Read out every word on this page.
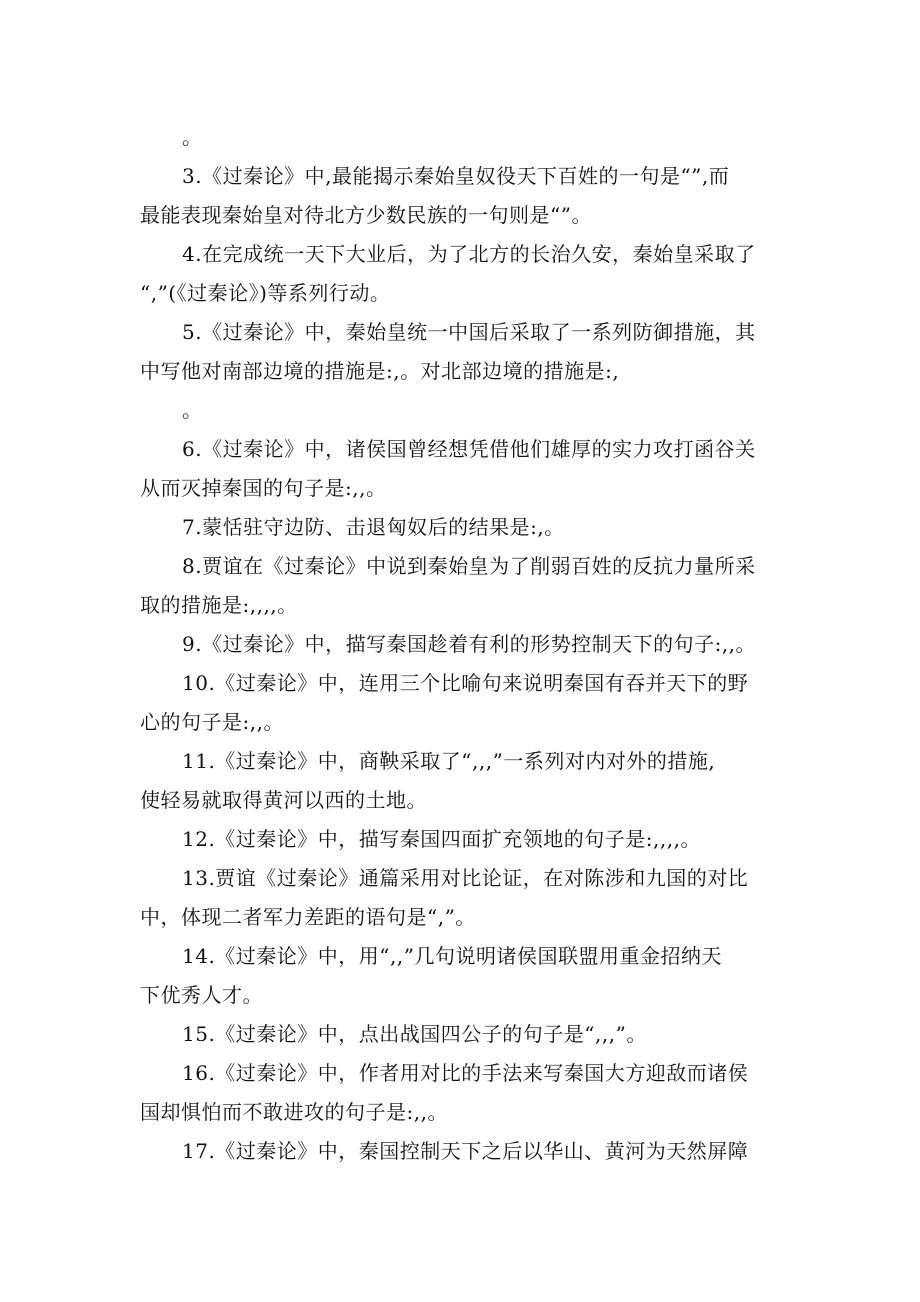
。
3.《过秦论》中,最能揭示秦始皇奴役天下百姓的一句是“”,而
最能表现秦始皇对待北方少数民族的一句则是“”。
4.在完成统一天下大业后，为了北方的长治久安，秦始皇采取了
“,”(《过秦论》)等系列行动。
5.《过秦论》中，秦始皇统一中国后采取了一系列防御措施，其
中写他对南部边境的措施是:,。对北部边境的措施是:,
。
6.《过秦论》中，诸侯国曾经想凭借他们雄厚的实力攻打函谷关
从而灭掉秦国的句子是:,,。
7.蒙恬驻守边防、击退匈奴后的结果是:,。
8.贾谊在《过秦论》中说到秦始皇为了削弱百姓的反抗力量所采
取的措施是:,,,,。
9.《过秦论》中，描写秦国趁着有利的形势控制天下的句子:,,。
10.《过秦论》中，连用三个比喻句来说明秦国有吞并天下的野
心的句子是:,,。
11.《过秦论》中，商鞅采取了“,,,”一系列对内对外的措施,
使轻易就取得黄河以西的土地。
12.《过秦论》中，描写秦国四面扩充领地的句子是:,,,,。
13.贾谊《过秦论》通篇采用对比论证，在对陈涉和九国的对比
中，体现二者军力差距的语句是“,”。
14.《过秦论》中，用“,,”几句说明诸侯国联盟用重金招纳天
下优秀人才。
15.《过秦论》中，点出战国四公子的句子是“,,,”。
16.《过秦论》中，作者用对比的手法来写秦国大方迎敌而诸侯
国却惧怕而不敢进攻的句子是:,,。
17.《过秦论》中，秦国控制天下之后以华山、黄河为天然屏障
